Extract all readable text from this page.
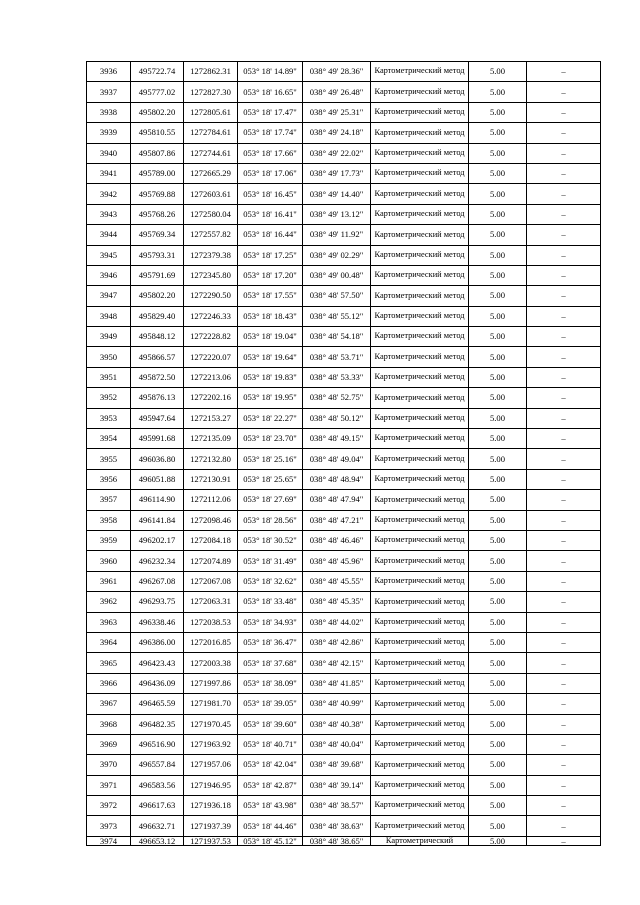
3936	495722.74	1272862.31	053° 18' 14.89"	038° 49' 28.36"	Картометрический метод	5.00	–
3937	495777.02	1272827.30	053° 18' 16.65"	038° 49' 26.48"	Картометрический метод	5.00	–
3938	495802.20	1272805.61	053° 18' 17.47"	038° 49' 25.31"	Картометрический метод	5.00	–
3939	495810.55	1272784.61	053° 18' 17.74"	038° 49' 24.18"	Картометрический метод	5.00	–
3940	495807.86	1272744.61	053° 18' 17.66"	038° 49' 22.02"	Картометрический метод	5.00	–
3941	495789.00	1272665.29	053° 18' 17.06"	038° 49' 17.73"	Картометрический метод	5.00	–
3942	495769.88	1272603.61	053° 18' 16.45"	038° 49' 14.40"	Картометрический метод	5.00	–
3943	495768.26	1272580.04	053° 18' 16.41"	038° 49' 13.12"	Картометрический метод	5.00	–
3944	495769.34	1272557.82	053° 18' 16.44"	038° 49' 11.92"	Картометрический метод	5.00	–
3945	495793.31	1272379.38	053° 18' 17.25"	038° 49' 02.29"	Картометрический метод	5.00	–
3946	495791.69	1272345.80	053° 18' 17.20"	038° 49' 00.48"	Картометрический метод	5.00	–
3947	495802.20	1272290.50	053° 18' 17.55"	038° 48' 57.50"	Картометрический метод	5.00	–
3948	495829.40	1272246.33	053° 18' 18.43"	038° 48' 55.12"	Картометрический метод	5.00	–
3949	495848.12	1272228.82	053° 18' 19.04"	038° 48' 54.18"	Картометрический метод	5.00	–
3950	495866.57	1272220.07	053° 18' 19.64"	038° 48' 53.71"	Картометрический метод	5.00	–
3951	495872.50	1272213.06	053° 18' 19.83"	038° 48' 53.33"	Картометрический метод	5.00	–
3952	495876.13	1272202.16	053° 18' 19.95"	038° 48' 52.75"	Картометрический метод	5.00	–
3953	495947.64	1272153.27	053° 18' 22.27"	038° 48' 50.12"	Картометрический метод	5.00	–
3954	495991.68	1272135.09	053° 18' 23.70"	038° 48' 49.15"	Картометрический метод	5.00	–
3955	496036.80	1272132.80	053° 18' 25.16"	038° 48' 49.04"	Картометрический метод	5.00	–
3956	496051.88	1272130.91	053° 18' 25.65"	038° 48' 48.94"	Картометрический метод	5.00	–
3957	496114.90	1272112.06	053° 18' 27.69"	038° 48' 47.94"	Картометрический метод	5.00	–
3958	496141.84	1272098.46	053° 18' 28.56"	038° 48' 47.21"	Картометрический метод	5.00	–
3959	496202.17	1272084.18	053° 18' 30.52"	038° 48' 46.46"	Картометрический метод	5.00	–
3960	496232.34	1272074.89	053° 18' 31.49"	038° 48' 45.96"	Картометрический метод	5.00	–
3961	496267.08	1272067.08	053° 18' 32.62"	038° 48' 45.55"	Картометрический метод	5.00	–
3962	496293.75	1272063.31	053° 18' 33.48"	038° 48' 45.35"	Картометрический метод	5.00	–
3963	496338.46	1272038.53	053° 18' 34.93"	038° 48' 44.02"	Картометрический метод	5.00	–
3964	496386.00	1272016.85	053° 18' 36.47"	038° 48' 42.86"	Картометрический метод	5.00	–
3965	496423.43	1272003.38	053° 18' 37.68"	038° 48' 42.15"	Картометрический метод	5.00	–
3966	496436.09	1271997.86	053° 18' 38.09"	038° 48' 41.85"	Картометрический метод	5.00	–
3967	496465.59	1271981.70	053° 18' 39.05"	038° 48' 40.99"	Картометрический метод	5.00	–
3968	496482.35	1271970.45	053° 18' 39.60"	038° 48' 40.38"	Картометрический метод	5.00	–
3969	496516.90	1271963.92	053° 18' 40.71"	038° 48' 40.04"	Картометрический метод	5.00	–
3970	496557.84	1271957.06	053° 18' 42.04"	038° 48' 39.68"	Картометрический метод	5.00	–
3971	496583.56	1271946.95	053° 18' 42.87"	038° 48' 39.14"	Картометрический метод	5.00	–
3972	496617.63	1271936.18	053° 18' 43.98"	038° 48' 38.57"	Картометрический метод	5.00	–
3973	496632.71	1271937.39	053° 18' 44.46"	038° 48' 38.63"	Картометрический метод	5.00	–
3974	496653.12	1271937.53	053° 18' 45.12"	038° 48' 38.65"	Картометрический	5.00	–
